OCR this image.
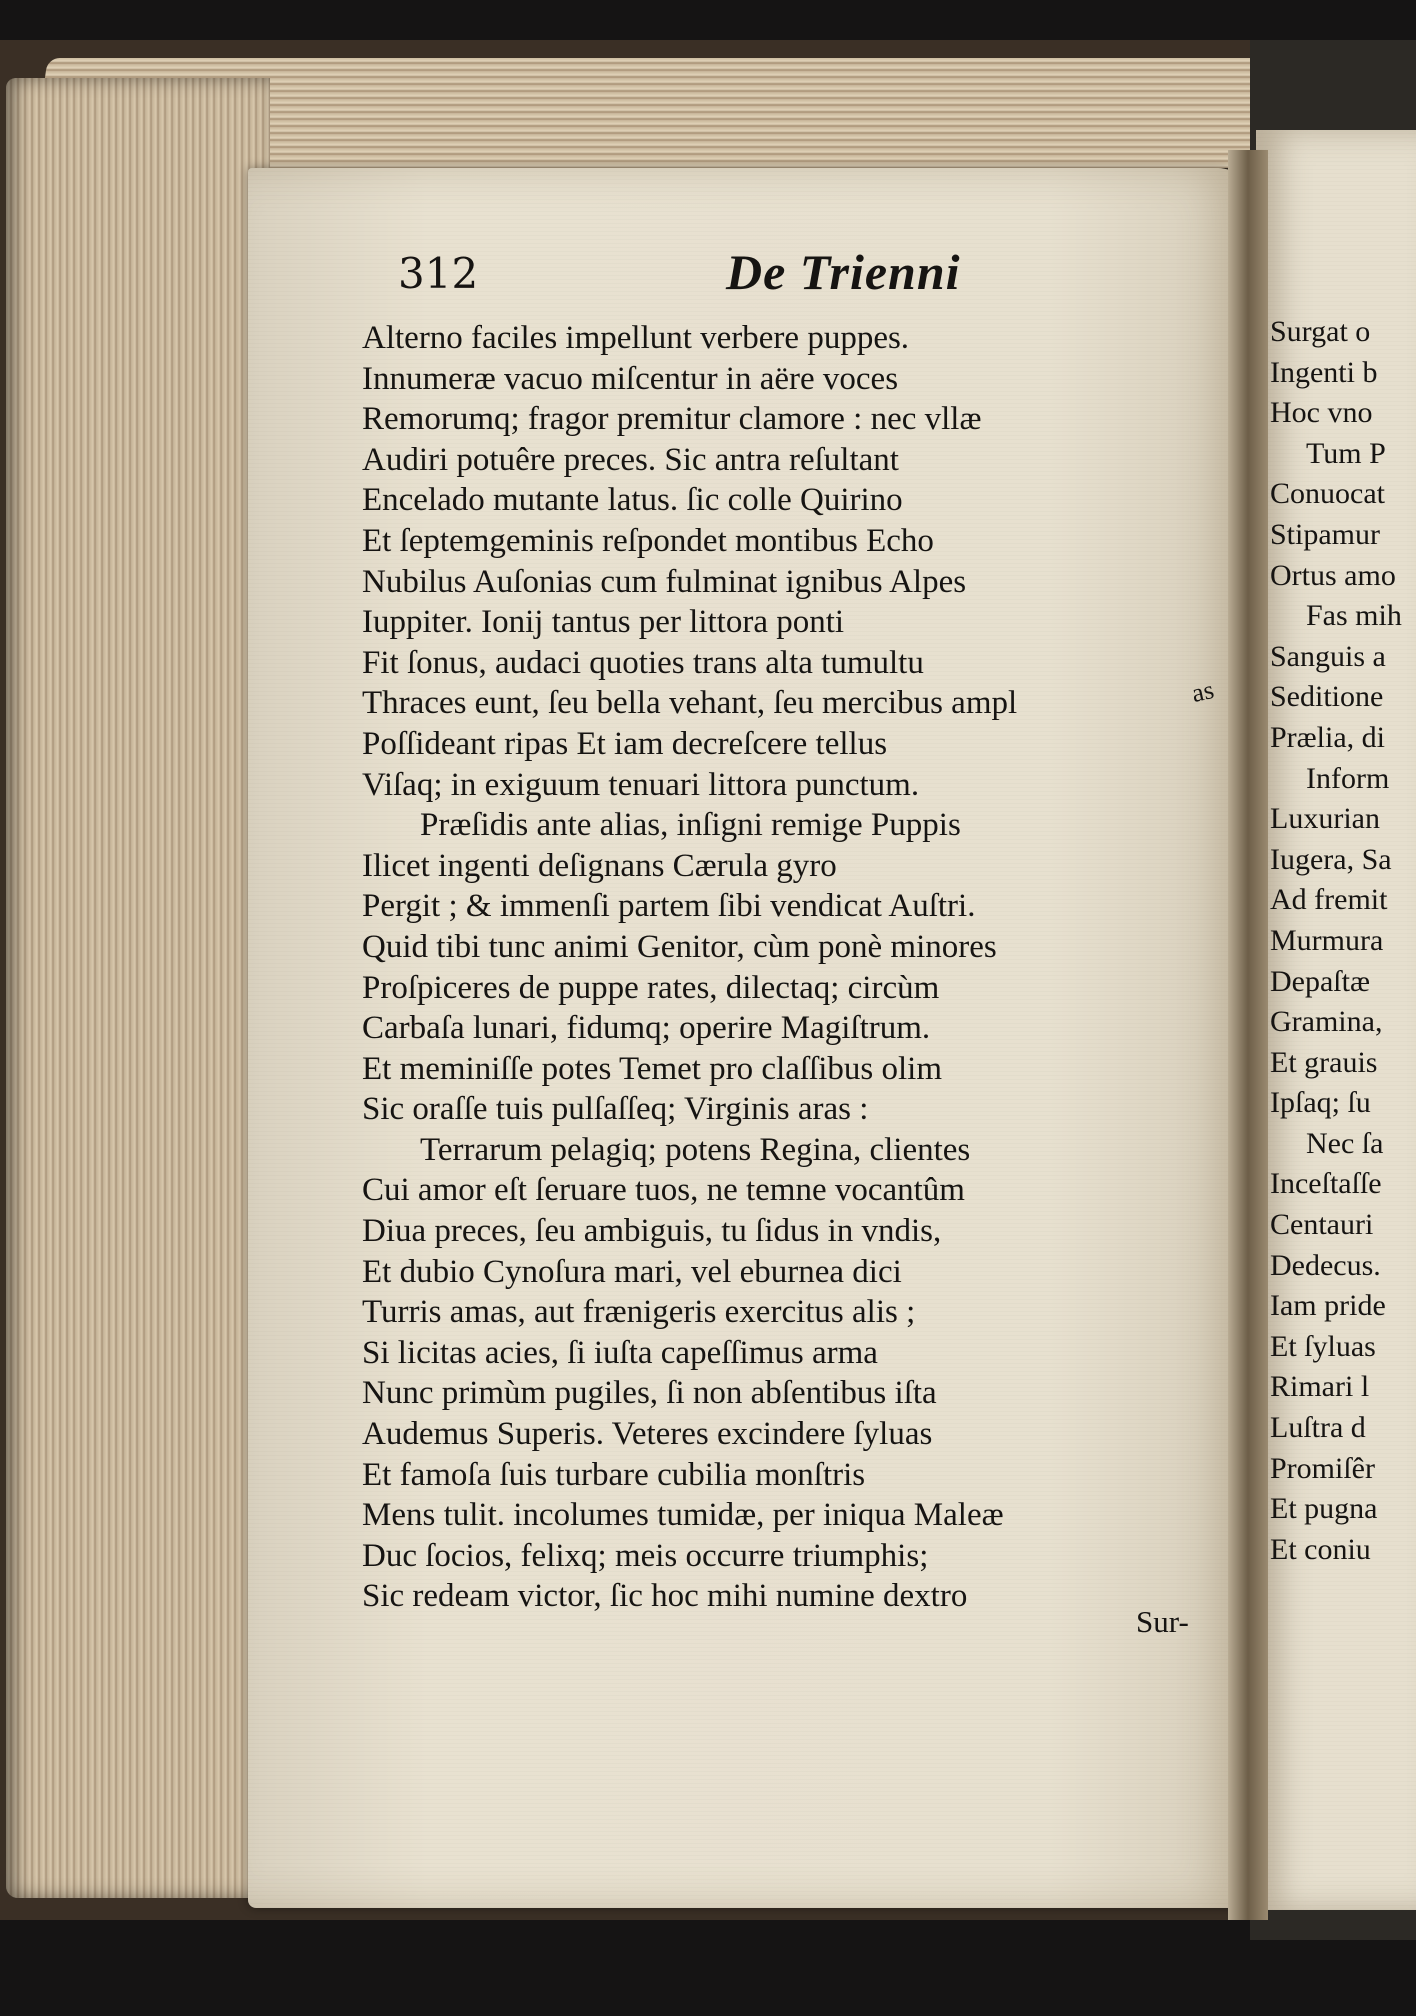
312	De Trienni
Alterno faciles impellunt verbere puppes.
Innumeræ vacuo miſcentur in aëre voces
Remorumq; fragor premitur clamore : nec vllæ
Audiri potuêre preces. Sic antra reſultant
Encelado mutante latus. ſic colle Quirino
Et ſeptemgeminis reſpondet montibus Echo
Nubilus Auſonias cum fulminat ignibus Alpes
Iuppiter. Ionij tantus per littora ponti
Fit ſonus, audaci quoties trans alta tumultu
Thraces eunt, ſeu bella vehant, ſeu mercibus ampl
Poſſideant ripas Et iam decreſcere tellus
Viſaq; in exiguum tenuari littora punctum.
Præſidis ante alias, inſigni remige Puppis
Ilicet ingenti deſignans Cærula gyro
Pergit ; & immenſi partem ſibi vendicat Auſtri.
Quid tibi tunc animi Genitor, cùm ponè minores
Proſpiceres de puppe rates, dilectaq; circùm
Carbaſa lunari, fidumq; operire Magiſtrum.
Et meminiſſe potes Temet pro claſſibus olim
Sic oraſſe tuis pulſaſſeq; Virginis aras :
Terrarum pelagiq; potens Regina, clientes
Cui amor eſt ſeruare tuos, ne temne vocantûm
Diua preces, ſeu ambiguis, tu ſidus in vndis,
Et dubio Cynoſura mari, vel eburnea dici
Turris amas, aut frænigeris exercitus alis ;
Si licitas acies, ſi iuſta capeſſimus arma
Nunc primùm pugiles, ſi non abſentibus iſta
Audemus Superis. Veteres excindere ſyluas
Et famoſa ſuis turbare cubilia monſtris
Mens tulit. incolumes tumidæ, per iniqua Maleæ
Duc ſocios, felixq; meis occurre triumphis;
Sic redeam victor, ſic hoc mihi numine dextro
as
Sur-
Surgat o
Ingenti b
Hoc vno
Tum P
Conuocat
Stipamur
Ortus amo
Fas mih
Sanguis a
Seditione
Prælia, di
Inform
Luxurian
Iugera, Sa
Ad fremit
Murmura
Depaſtæ
Gramina,
Et grauis
Ipſaq; ſu
Nec ſa
Inceſtaſſe
Centauri
Dedecus.
Iam pride
Et ſyluas
Rimari l
Luſtra d
Promiſêr
Et pugna
Et coniu
